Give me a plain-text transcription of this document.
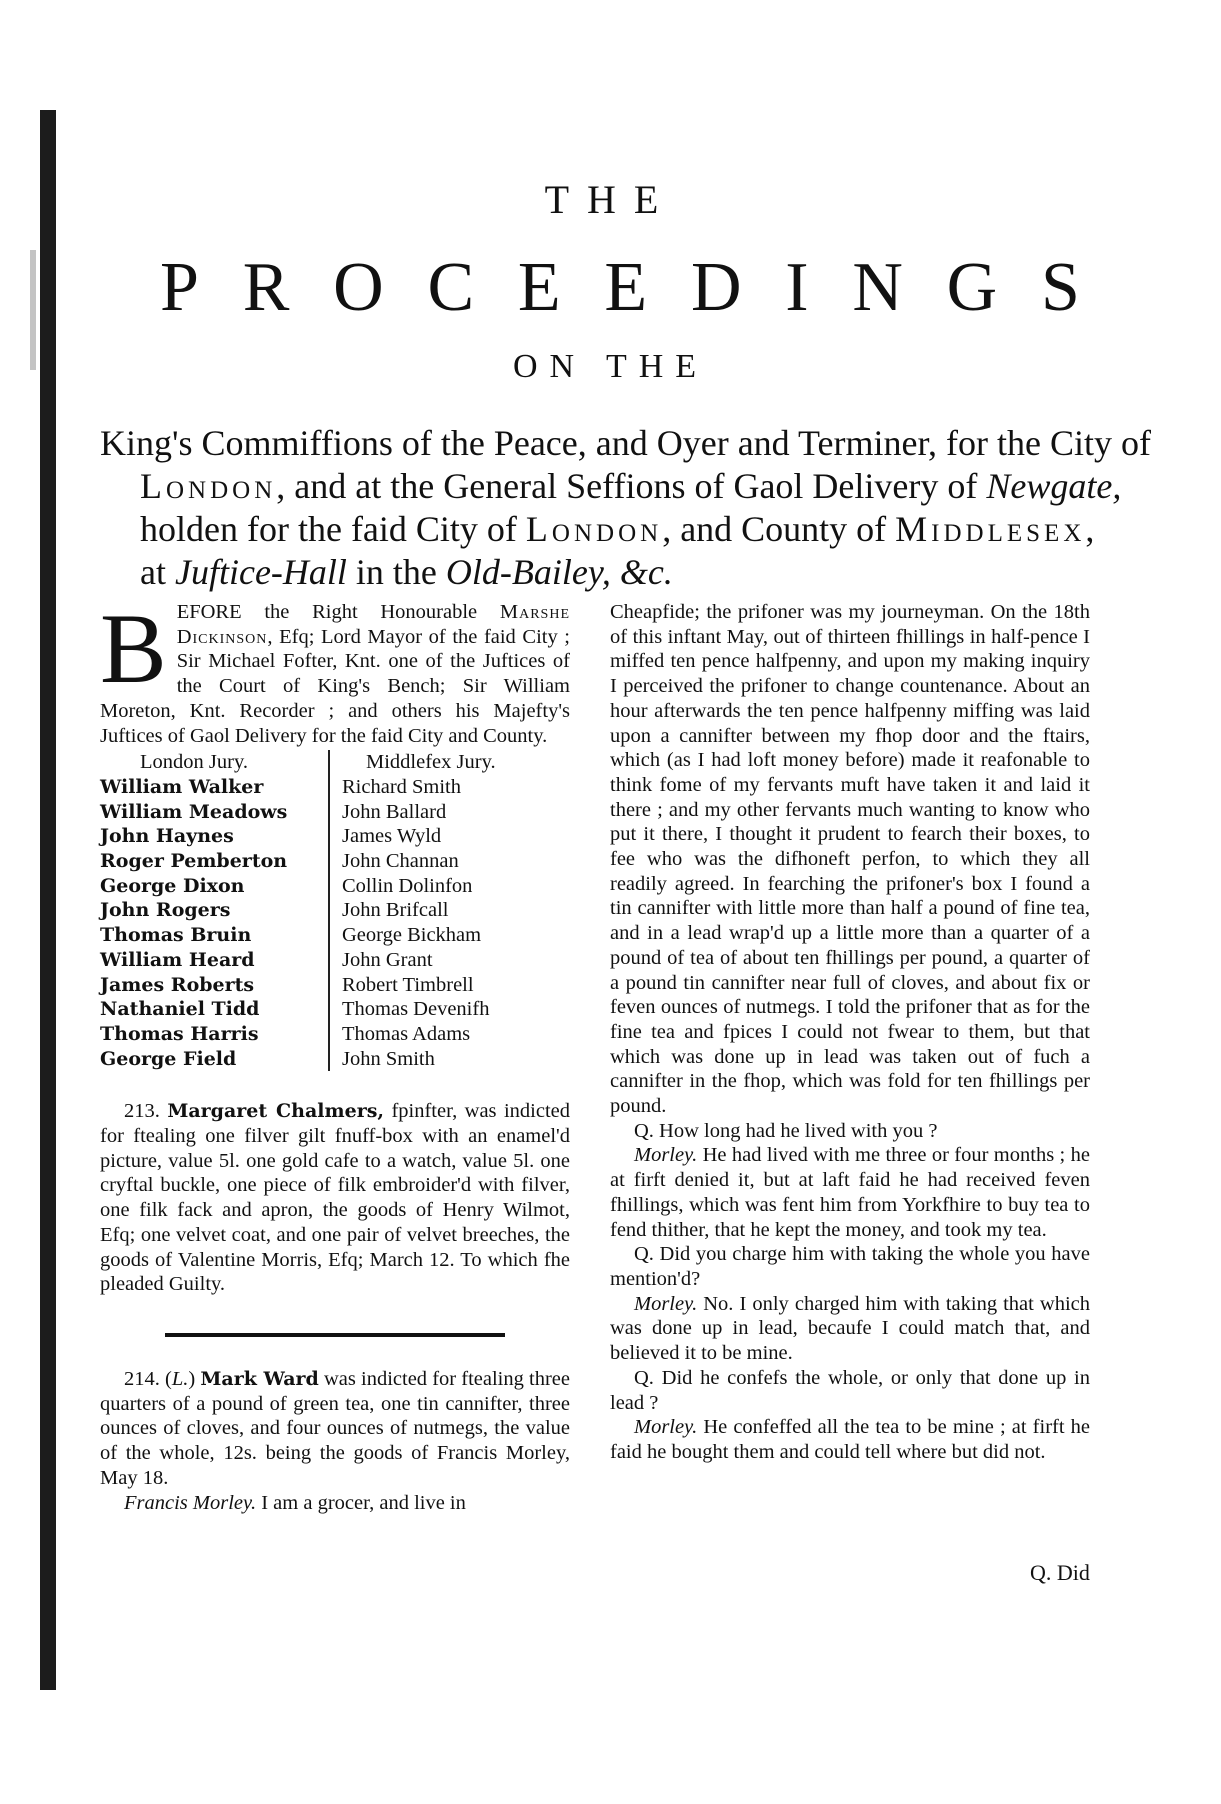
THE
P R O C E E D I N G S
ON THE
King's Commiffions of the Peace, and Oyer and Terminer, for the City of
London, and at the General Seffions of Gaol Delivery of Newgate,
holden for the faid City of London, and County of Middlesex,
at Juftice-Hall in the Old-Bailey, &c.

BEFORE the Right Honourable Marshe Dickinson, Efq; Lord Mayor of the faid City ; Sir Michael Fofter, Knt. one of the Juftices of the Court of King's Bench; Sir William Moreton, Knt. Recorder ; and others his Majefty's Juftices of Gaol Delivery for the faid City and County.

London Jury.
William Walker
William Meadows
John Haynes
Roger Pemberton
George Dixon
John Rogers
Thomas Bruin
William Heard
James Roberts
Nathaniel Tidd
Thomas Harris
George Field
Middlefex Jury.
Richard Smith
John Ballard
James Wyld
John Channan
Collin Dolinfon
John Brifcall
George Bickham
John Grant
Robert Timbrell
Thomas Devenifh
Thomas Adams
John Smith

213. Margaret Chalmers, fpinfter, was indicted for ftealing one filver gilt fnuff-box with an enamel'd picture, value 5l. one gold cafe to a watch, value 5l. one cryftal buckle, one piece of filk embroider'd with filver, one filk fack and apron, the goods of Henry Wilmot, Efq; one velvet coat, and one pair of velvet breeches, the goods of Valentine Morris, Efq; March 12. To which fhe pleaded Guilty.

214. (L.) Mark Ward was indicted for ftealing three quarters of a pound of green tea, one tin cannifter, three ounces of cloves, and four ounces of nutmegs, the value of the whole, 12s. being the goods of Francis Morley, May 18.

Francis Morley. I am a grocer, and live in

Cheapfide; the prifoner was my journeyman. On the 18th of this inftant May, out of thirteen fhillings in half-pence I miffed ten pence halfpenny, and upon my making inquiry I perceived the prifoner to change countenance. About an hour afterwards the ten pence halfpenny miffing was laid upon a cannifter between my fhop door and the ftairs, which (as I had loft money before) made it reafonable to think fome of my fervants muft have taken it and laid it there ; and my other fervants much wanting to know who put it there, I thought it prudent to fearch their boxes, to fee who was the difhoneft perfon, to which they all readily agreed. In fearching the prifoner's box I found a tin cannifter with little more than half a pound of fine tea, and in a lead wrap'd up a little more than a quarter of a pound of tea of about ten fhillings per pound, a quarter of a pound tin cannifter near full of cloves, and about fix or feven ounces of nutmegs. I told the prifoner that as for the fine tea and fpices I could not fwear to them, but that which was done up in lead was taken out of fuch a cannifter in the fhop, which was fold for ten fhillings per pound.

Q. How long had he lived with you ?

Morley. He had lived with me three or four months ; he at firft denied it, but at laft faid he had received feven fhillings, which was fent him from Yorkfhire to buy tea to fend thither, that he kept the money, and took my tea.

Q. Did you charge him with taking the whole you have mention'd?

Morley. No. I only charged him with taking that which was done up in lead, becaufe I could match that, and believed it to be mine.

Q. Did he confefs the whole, or only that done up in lead ?

Morley. He confeffed all the tea to be mine ; at firft he faid he bought them and could tell where but did not.

Q. Did
